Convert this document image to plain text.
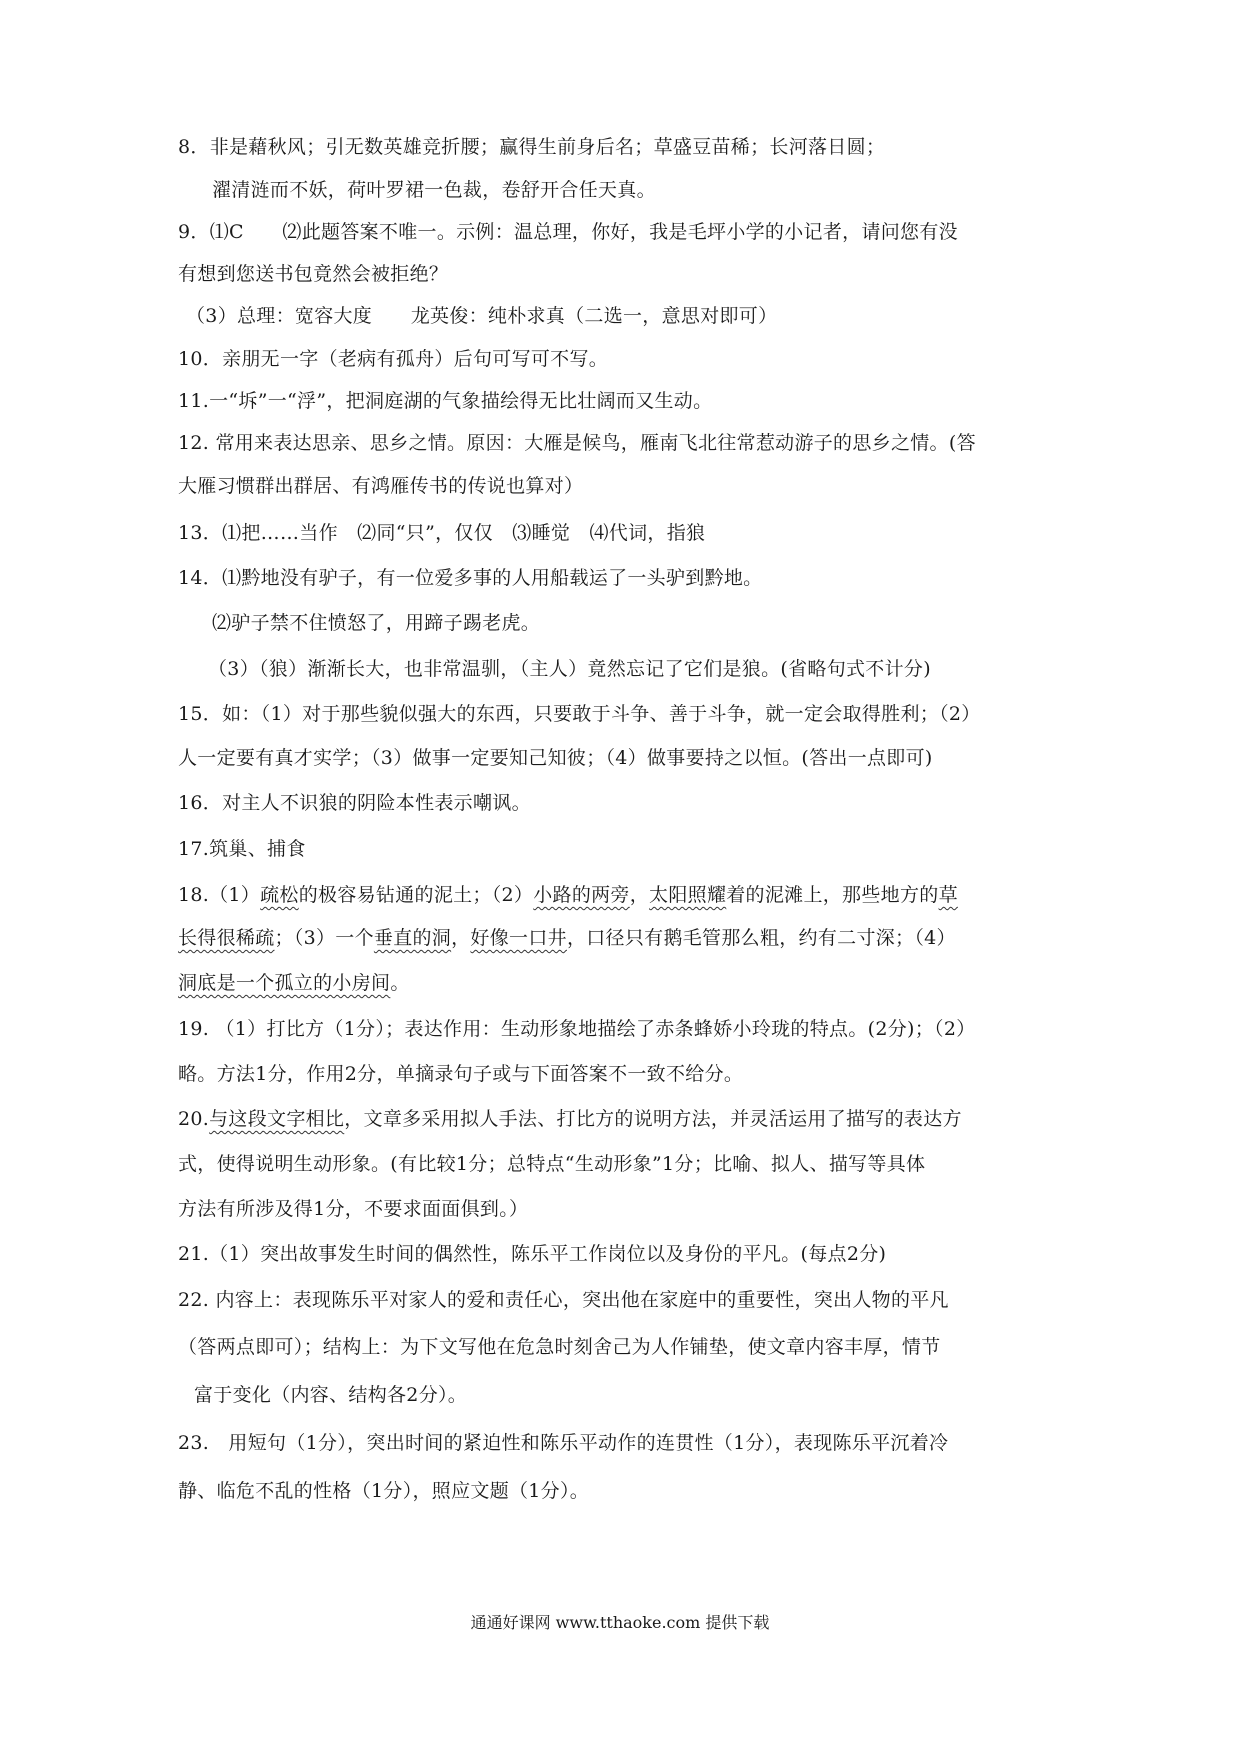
8．非是藉秋风；引无数英雄竞折腰；赢得生前身后名；草盛豆苗稀；长河落日圆；
濯清涟而不妖，荷叶罗裙一色裁，卷舒开合任天真。
9．⑴C　　⑵此题答案不唯一。示例：温总理，你好，我是毛坪小学的小记者，请问您有没
有想到您送书包竟然会被拒绝？
（3）总理：宽容大度　　龙英俊：纯朴求真（二选一，意思对即可）
10．亲朋无一字（老病有孤舟）后句可写可不写。
11.一“坼”一“浮”，把洞庭湖的气象描绘得无比壮阔而又生动。
12. 常用来表达思亲、思乡之情。原因：大雁是候鸟，雁南飞北往常惹动游子的思乡之情。(答
大雁习惯群出群居、有鸿雁传书的传说也算对）
13．⑴把……当作　⑵同“只”，仅仅　⑶睡觉　⑷代词，指狼
14．⑴黔地没有驴子，有一位爱多事的人用船载运了一头驴到黔地。
⑵驴子禁不住愤怒了，用蹄子踢老虎。
（3）（狼）渐渐长大，也非常温驯，（主人）竟然忘记了它们是狼。(省略句式不计分)
15．如：（1）对于那些貌似强大的东西，只要敢于斗争、善于斗争，就一定会取得胜利；（2）
人一定要有真才实学；（3）做事一定要知己知彼；（4）做事要持之以恒。(答出一点即可)
16．对主人不识狼的阴险本性表示嘲讽。
17.筑巢、捕食
18.（1）疏松的极容易钻通的泥土；（2）小路的两旁，太阳照耀着的泥滩上，那些地方的草
长得很稀疏；（3）一个垂直的洞，好像一口井，口径只有鹅毛管那么粗，约有二寸深；（4）
洞底是一个孤立的小房间。
19. （1）打比方（1分）；表达作用：生动形象地描绘了赤条蜂娇小玲珑的特点。(2分)；（2）
略。方法1分，作用2分，单摘录句子或与下面答案不一致不给分。
20.与这段文字相比，文章多采用拟人手法、打比方的说明方法，并灵活运用了描写的表达方
式，使得说明生动形象。(有比较1分；总特点“生动形象”1分；比喻、拟人、描写等具体
方法有所涉及得1分，不要求面面俱到。）
21.（1）突出故事发生时间的偶然性，陈乐平工作岗位以及身份的平凡。(每点2分)
22. 内容上：表现陈乐平对家人的爱和责任心，突出他在家庭中的重要性，突出人物的平凡
（答两点即可）；结构上：为下文写他在危急时刻舍己为人作铺垫，使文章内容丰厚，情节
富于变化（内容、结构各2分）。
23.　用短句（1分），突出时间的紧迫性和陈乐平动作的连贯性（1分），表现陈乐平沉着冷
静、临危不乱的性格（1分），照应文题（1分）。
通通好课网 www.tthaoke.com 提供下载
